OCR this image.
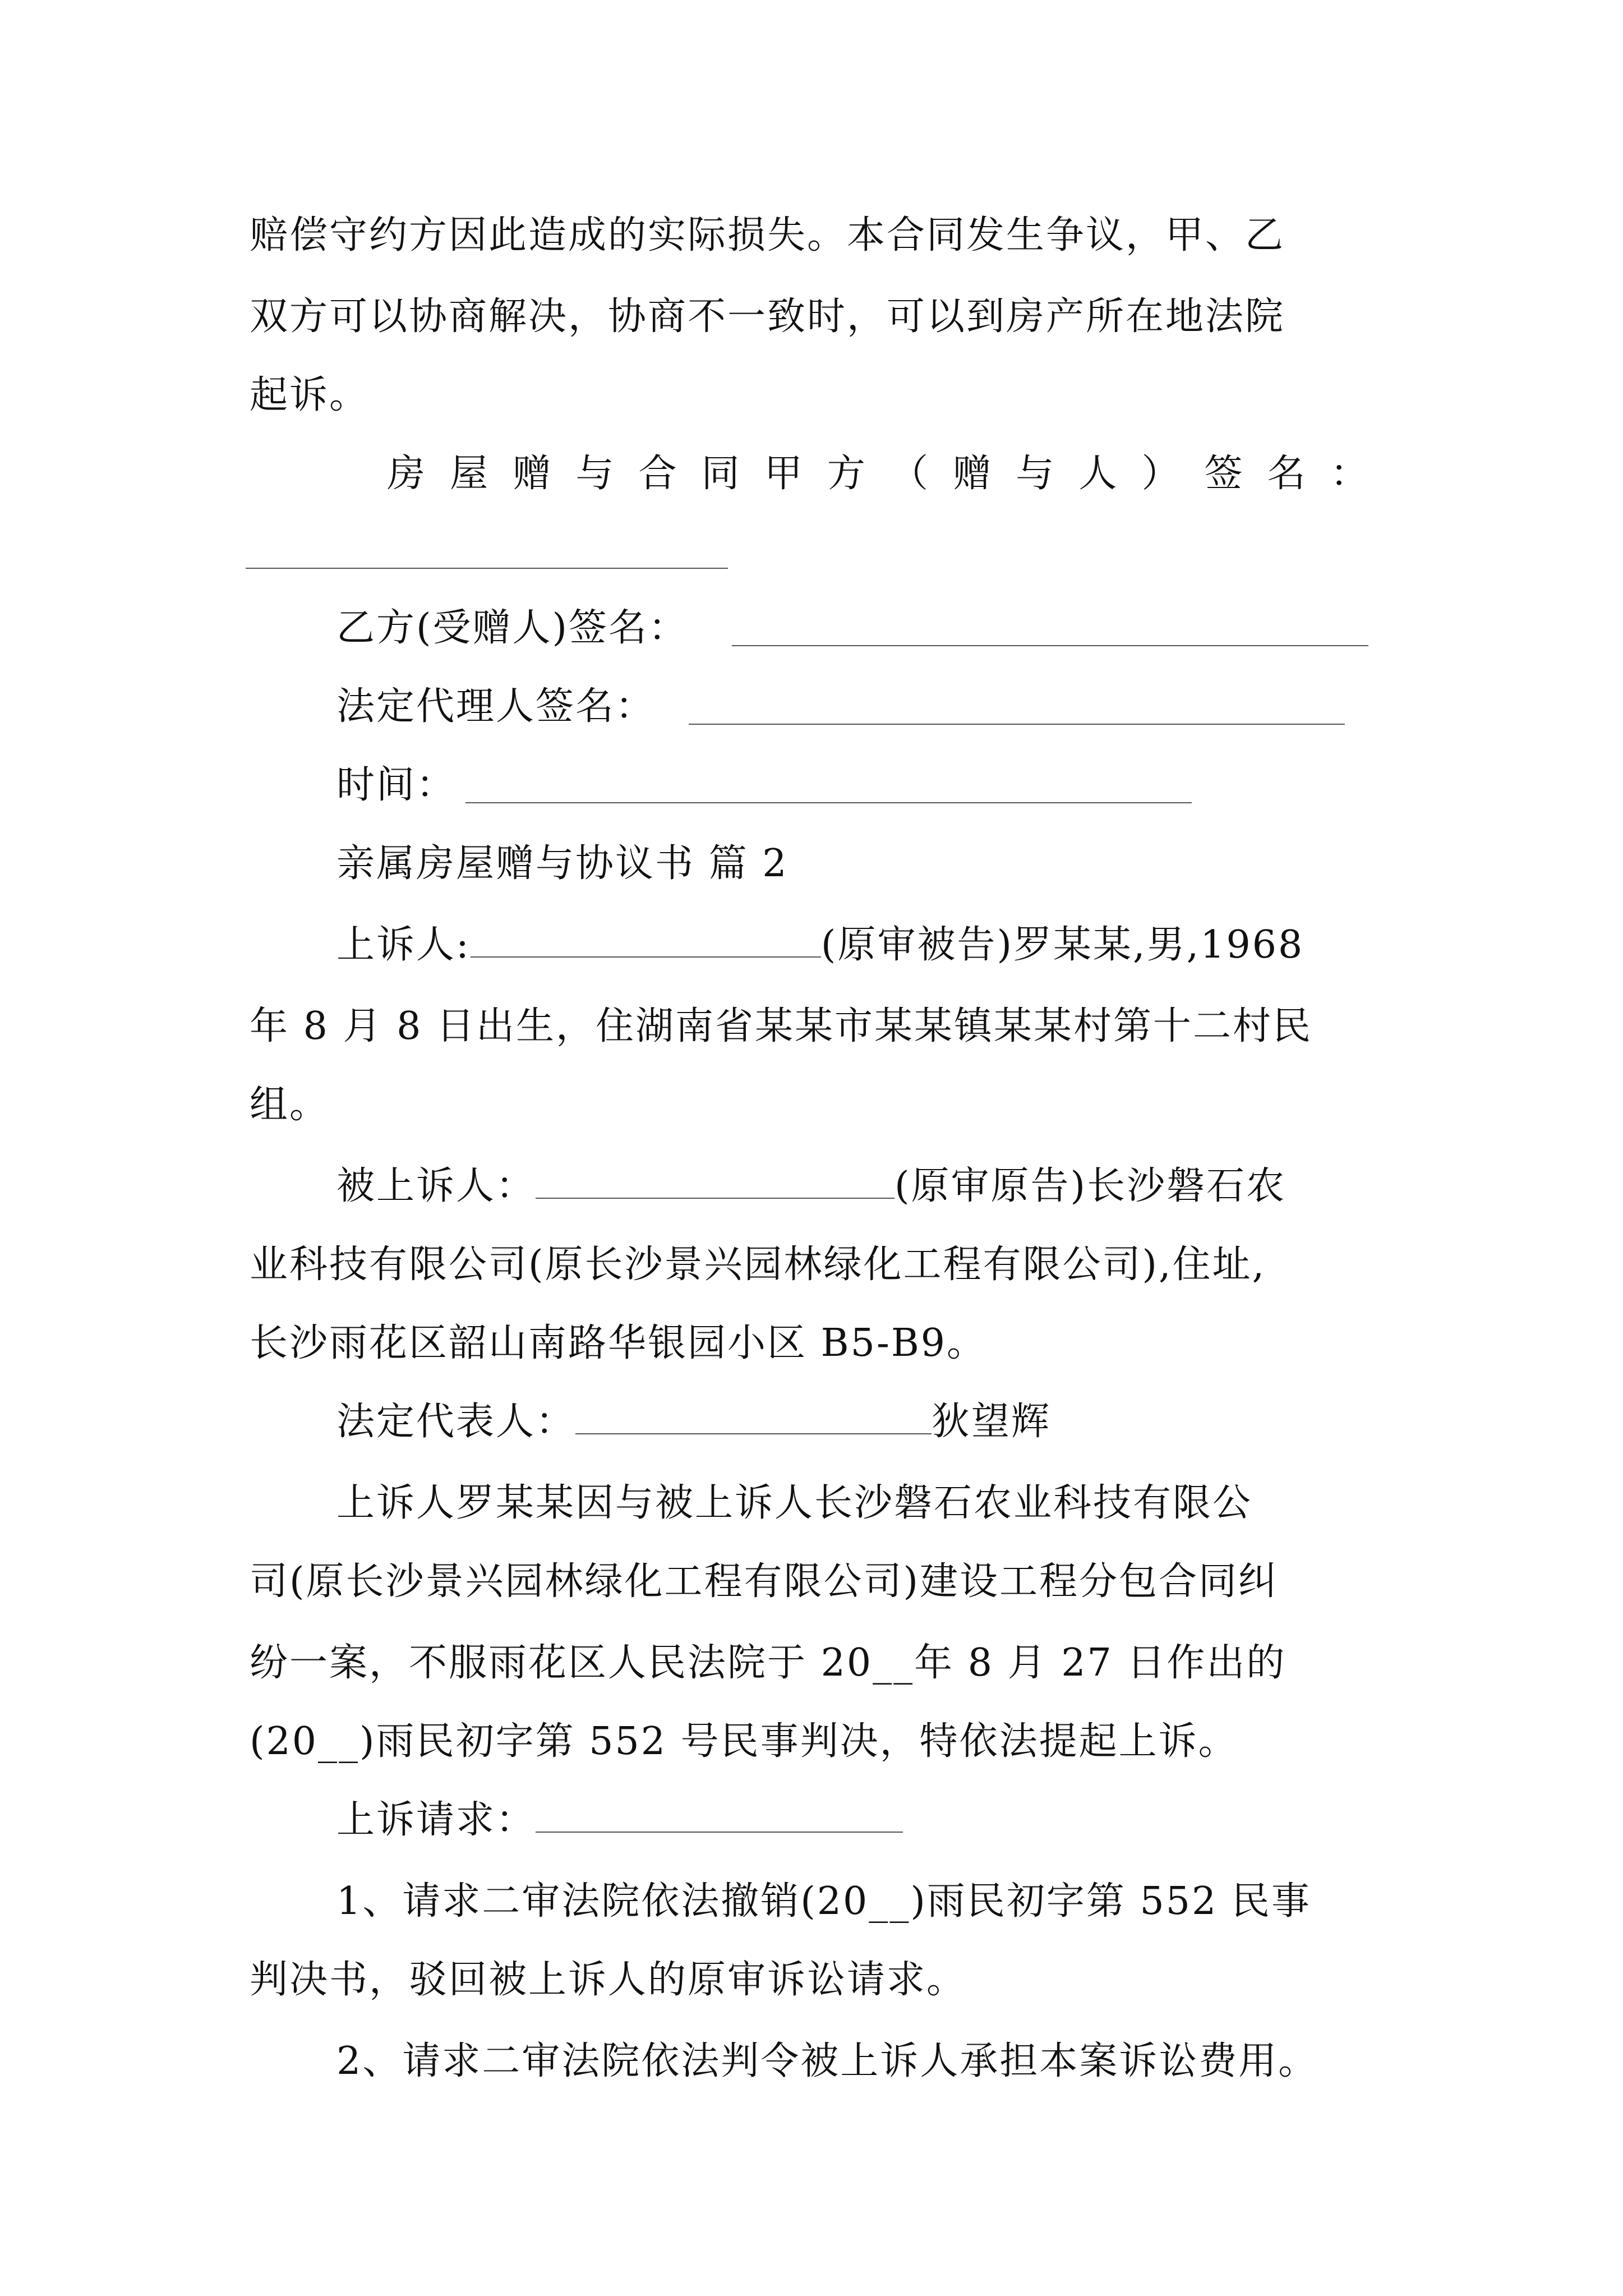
赔偿守约方因此造成的实际损失。本合同发生争议，甲、乙
双方可以协商解决，协商不一致时，可以到房产所在地法院
起诉。
房 屋 赠 与 合 同 甲 方 （ 赠 与 人 ） 签 名 ：
乙方(受赠人)签名：
法定代理人签名：
时间：
亲属房屋赠与协议书 篇 2
上诉人:	(原审被告)罗某某,男,1968
年 8 月 8 日出生，住湖南省某某市某某镇某某村第十二村民
组。
被上诉人：	(原审原告)长沙磐石农
业科技有限公司(原长沙景兴园林绿化工程有限公司),住址,
长沙雨花区韶山南路华银园小区 B5-B9。
法定代表人：	狄望辉
上诉人罗某某因与被上诉人长沙磐石农业科技有限公
司(原长沙景兴园林绿化工程有限公司)建设工程分包合同纠
纷一案，不服雨花区人民法院于 20__年 8 月 27 日作出的
(20__)雨民初字第 552 号民事判决，特依法提起上诉。
上诉请求：
1、请求二审法院依法撤销(20__)雨民初字第 552 民事
判决书，驳回被上诉人的原审诉讼请求。
2、请求二审法院依法判令被上诉人承担本案诉讼费用。
